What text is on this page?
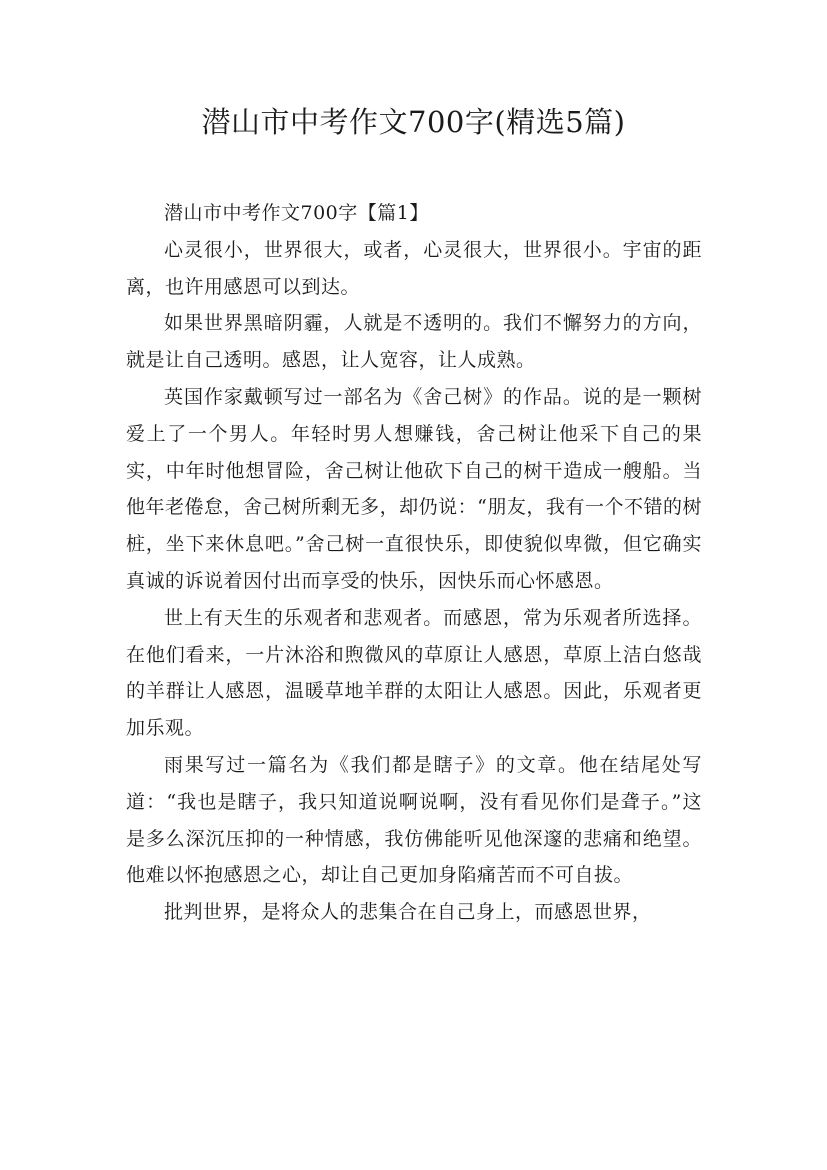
潜山市中考作文700字(精选5篇)

潜山市中考作文700字【篇1】

心灵很小，世界很大，或者，心灵很大，世界很小。宇宙的距离，也许用感恩可以到达。

如果世界黑暗阴霾，人就是不透明的。我们不懈努力的方向，就是让自己透明。感恩，让人宽容，让人成熟。

英国作家戴顿写过一部名为《舍己树》的作品。说的是一颗树爱上了一个男人。年轻时男人想赚钱，舍己树让他采下自己的果实，中年时他想冒险，舍己树让他砍下自己的树干造成一艘船。当他年老倦怠，舍己树所剩无多，却仍说：“朋友，我有一个不错的树桩，坐下来休息吧。”舍己树一直很快乐，即使貌似卑微，但它确实真诚的诉说着因付出而享受的快乐，因快乐而心怀感恩。

世上有天生的乐观者和悲观者。而感恩，常为乐观者所选择。在他们看来，一片沐浴和煦微风的草原让人感恩，草原上洁白悠哉的羊群让人感恩，温暖草地羊群的太阳让人感恩。因此，乐观者更加乐观。

雨果写过一篇名为《我们都是瞎子》的文章。他在结尾处写道：“我也是瞎子，我只知道说啊说啊，没有看见你们是聋子。”这是多么深沉压抑的一种情感，我仿佛能听见他深邃的悲痛和绝望。他难以怀抱感恩之心，却让自己更加身陷痛苦而不可自拔。

批判世界，是将众人的悲集合在自己身上，而感恩世界，
